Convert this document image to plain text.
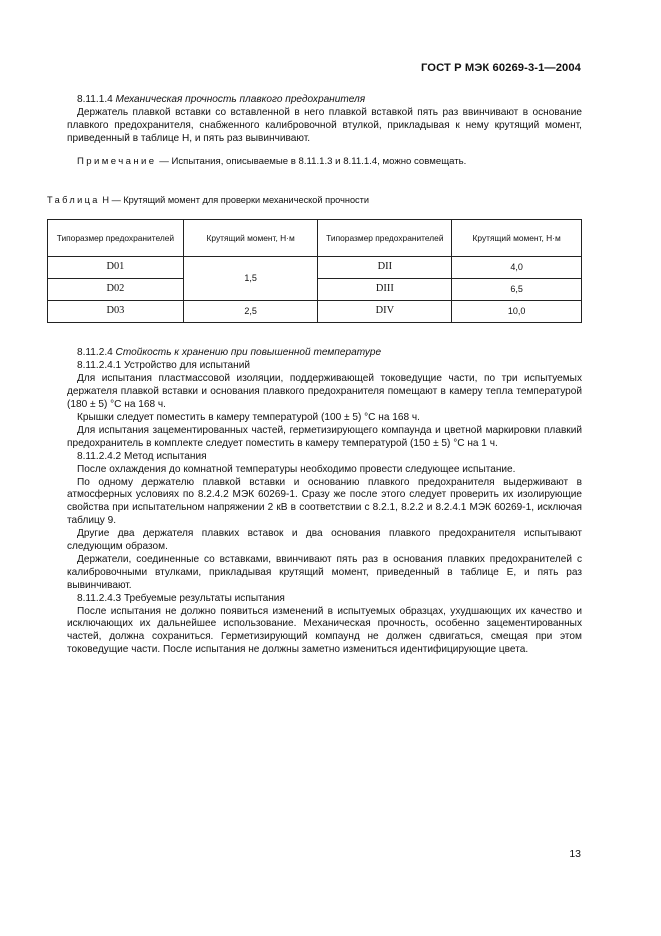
ГОСТ Р МЭК 60269-3-1—2004

8.11.1.4 Механическая прочность плавкого предохранителя

Держатель плавкой вставки со вставленной в него плавкой вставкой пять раз ввинчивают в основание плавкого предохранителя, снабженного калибровочной втулкой, прикладывая к нему крутящий момент, приведенный в таблице Н, и пять раз вывинчивают.

Примечание — Испытания, описываемые в 8.11.1.3 и 8.11.1.4, можно совмещать.

Таблица Н — Крутящий момент для проверки механической прочности
Типоразмер предохранителей	Крутящий момент, Н·м	Типоразмер предохранителей	Крутящий момент, Н·м
D01	1,5	DII	4,0
D02		DIII	6,5
D03	2,5	DIV	10,0

8.11.2.4 Стойкость к хранению при повышенной температуре

8.11.2.4.1 Устройство для испытаний

Для испытания пластмассовой изоляции, поддерживающей токоведущие части, по три испытуемых держателя плавкой вставки и основания плавкого предохранителя помещают в камеру тепла температурой (180 ± 5) °С на 168 ч.

Крышки следует поместить в камеру температурой (100 ± 5) °С на 168 ч.

Для испытания зацементированных частей, герметизирующего компаунда и цветной маркировки плавкий предохранитель в комплекте следует поместить в камеру температурой (150 ± 5) °С на 1 ч.

8.11.2.4.2 Метод испытания

После охлаждения до комнатной температуры необходимо провести следующее испытание.

По одному держателю плавкой вставки и основанию плавкого предохранителя выдерживают в атмосферных условиях по 8.2.4.2 МЭК 60269-1. Сразу же после этого следует проверить их изолирующие свойства при испытательном напряжении 2 кВ в соответствии с 8.2.1, 8.2.2 и 8.2.4.1 МЭК 60269-1, исключая таблицу 9.

Другие два держателя плавких вставок и два основания плавкого предохранителя испытывают следующим образом.

Держатели, соединенные со вставками, ввинчивают пять раз в основания плавких предохранителей с калибровочными втулками, прикладывая крутящий момент, приведенный в таблице Е, и пять раз вывинчивают.

8.11.2.4.3 Требуемые результаты испытания

После испытания не должно появиться изменений в испытуемых образцах, ухудшающих их качество и исключающих их дальнейшее использование. Механическая прочность, особенно зацементированных частей, должна сохраниться. Герметизирующий компаунд не должен сдвигаться, смещая при этом токоведущие части. После испытания не должны заметно измениться идентифицирующие цвета.

13
